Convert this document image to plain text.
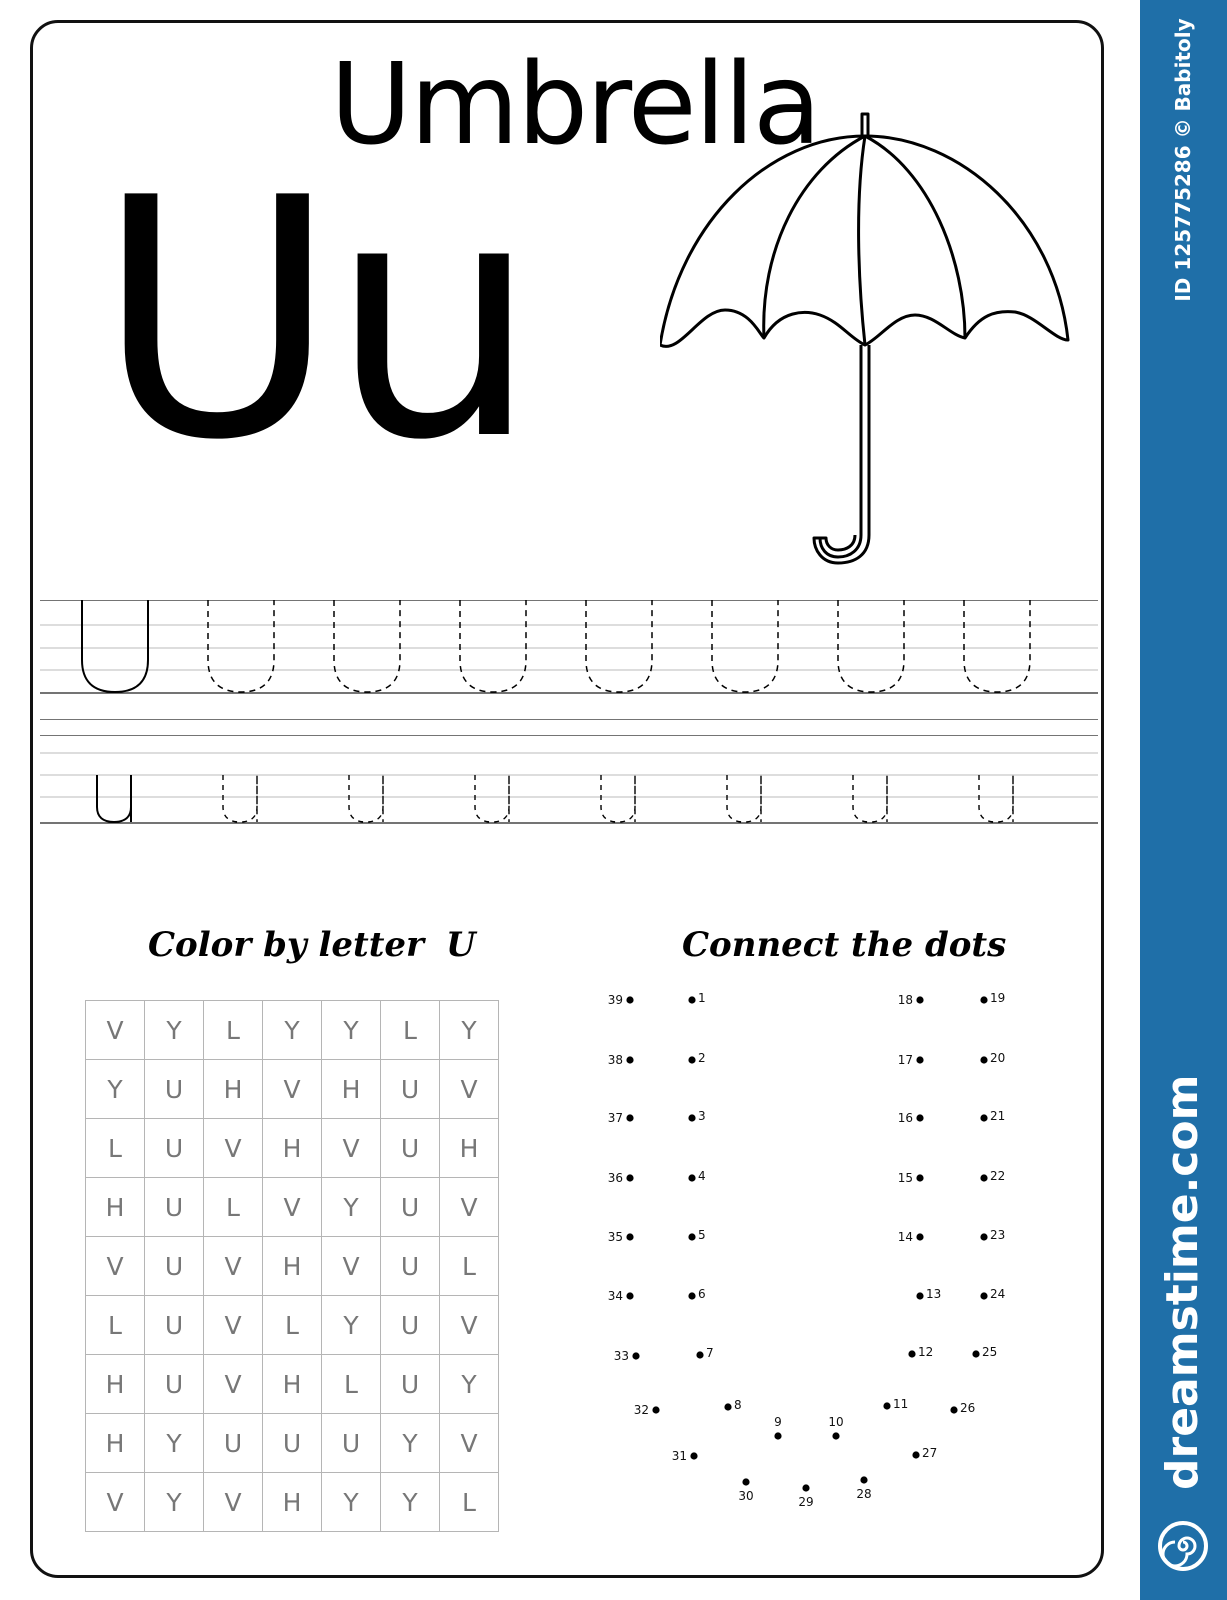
Umbrella
Uu
Color by letter U	Connect the dots
V	Y	L	Y	Y	L	Y
Y	U	H	V	H	U	V
L	U	V	H	V	U	H
H	U	L	V	Y	U	V
V	U	V	H	V	U	L
L	U	V	L	Y	U	V
H	U	V	H	L	U	Y
H	Y	U	U	U	Y	V
V	Y	V	H	Y	Y	L
1
2
3
4
5
6
7
8
9	10
11
12
13
14
15
16
17
18	19
20
21
22
23
24
25
26
27
28
29
30
31
32
33
34
35
36
37
38
39
ID 125775286 © Babitoly
dreamstime.com
